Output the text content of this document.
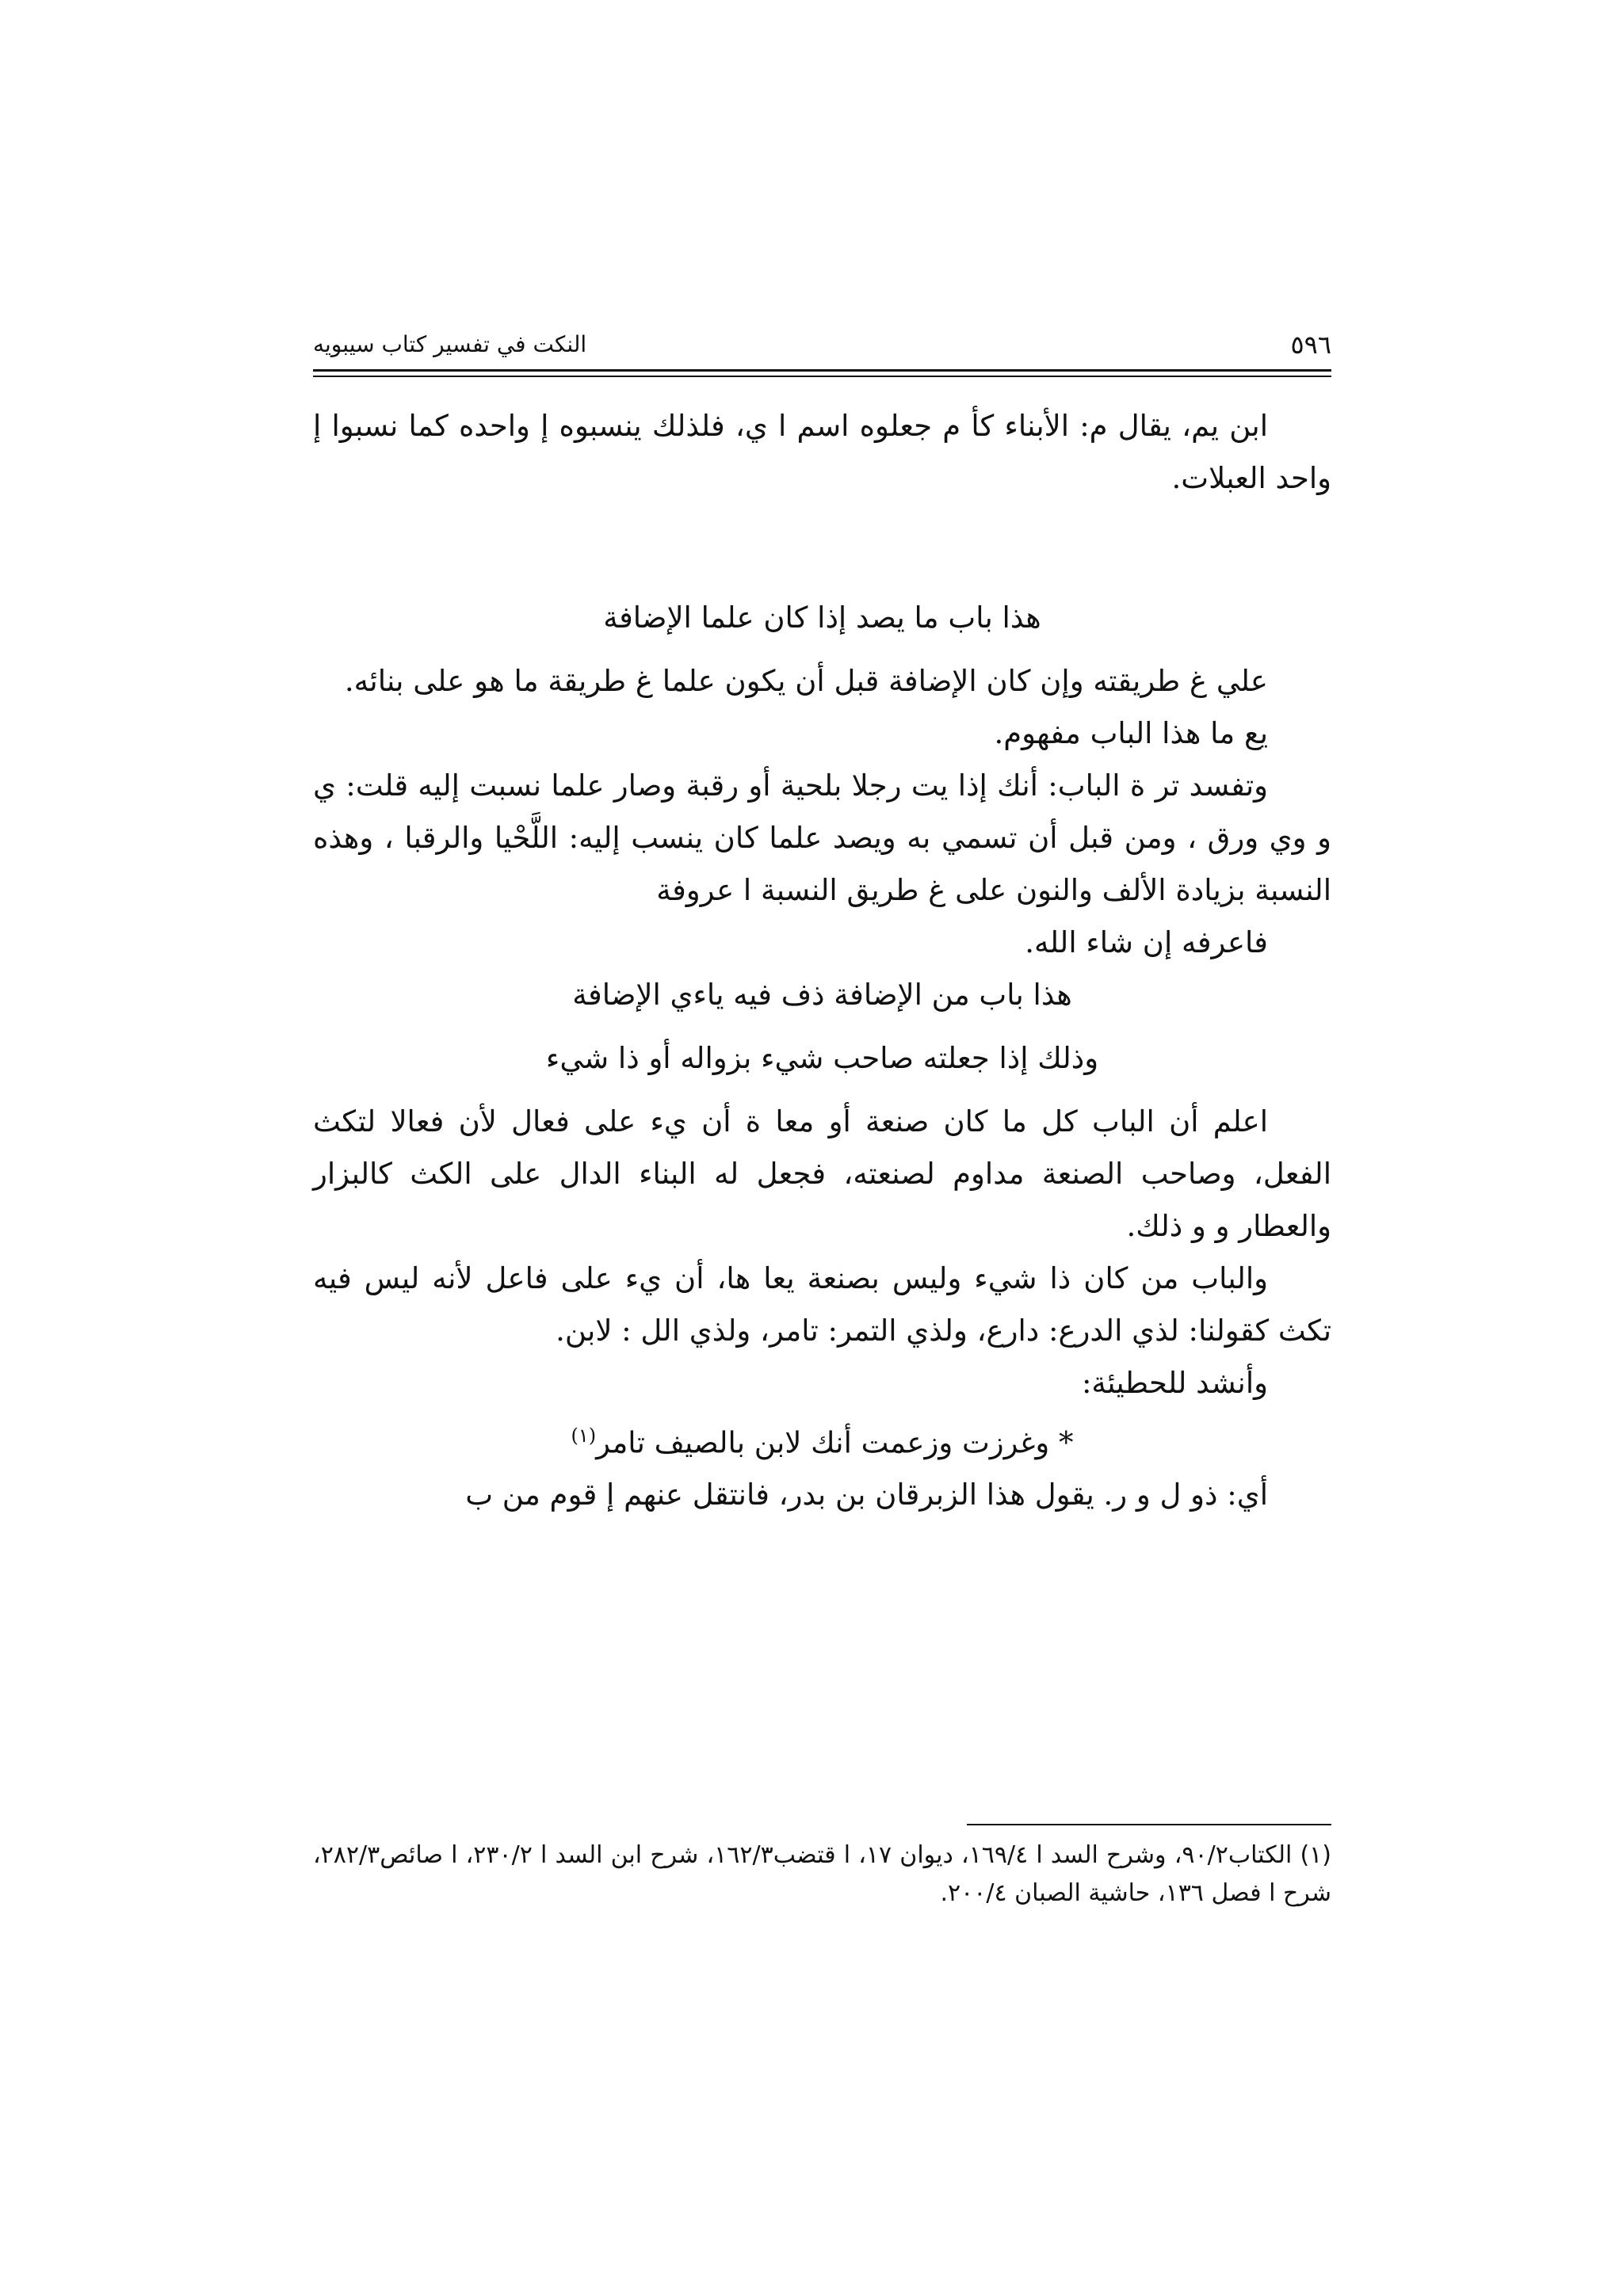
٥٩٦
النكت في تفسير كتاب سيبويه

ابن يم، يقال م: الأبناء كأ م جعلوه اسم ا ي، فلذلك ينسبوه إ واحده كما نسبوا إ واحد العبلات.

هذا باب ما يصد إذا كان علما الإضافة

علي غ طريقته وإن كان الإضافة قبل أن يكون علما غ طريقة ما هو على بنائه.

يع ما هذا الباب مفهوم.

وتفسد تر ة الباب: أنك إذا يت رجلا بلحية أو رقبة وصار علما نسبت إليه قلت: ي و وي ورق ، ومن قبل أن تسمي به ويصد علما كان ينسب إليه: اللَّحْيا والرقبا ، وهذه النسبة بزيادة الألف والنون على غ طريق النسبة ا عروفة

فاعرفه إن شاء الله.

هذا باب من الإضافة ذف فيه ياءي الإضافة

وذلك إذا جعلته صاحب شيء بزواله أو ذا شيء

اعلم أن الباب كل ما كان صنعة أو معا ة أن يء على فعال لأن فعالا لتكث الفعل، وصاحب الصنعة مداوم لصنعته، فجعل له البناء الدال على الكث كالبزار والعطار و و ذلك.

والباب من كان ذا شيء وليس بصنعة يعا ها، أن يء على فاعل لأنه ليس فيه تكث كقولنا: لذي الدرع: دارع، ولذي التمر: تامر، ولذي الل : لابن.

وأنشد للحطيئة:

* وغرزت وزعمت أنك لابن بالصيف تامر$^{(١)}$

أي: ذو ل و ر. يقول هذا الزبرقان بن بدر، فانتقل عنهم إ قوم من ب

(١) الكتاب٩٠/٢، وشرح السد ا ١٦٩/٤، ديوان ١٧، ا قتضب١٦٢/٣، شرح ابن السد ا ٢٣٠/٢، ا صائص٢٨٢/٣، شرح ا فصل ١٣٦، حاشية الصبان ٢٠٠/٤.
